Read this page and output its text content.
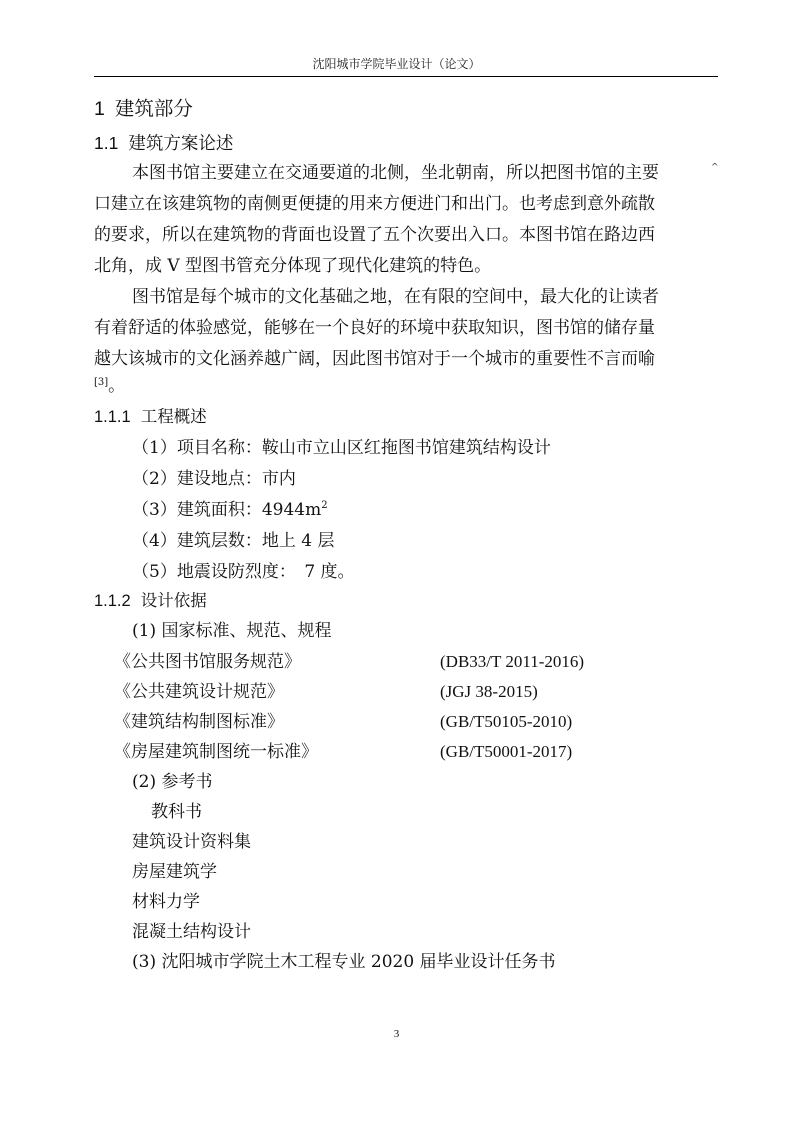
沈阳城市学院毕业设计（论文）
1 建筑部分
1.1 建筑方案论述
本图书馆主要建立在交通要道的北侧，坐北朝南，所以把图书馆的主要	^
口建立在该建筑物的南侧更便捷的用来方便进门和出门。也考虑到意外疏散
的要求，所以在建筑物的背面也设置了五个次要出入口。本图书馆在路边西
北角，成 V 型图书管充分体现了现代化建筑的特色。
图书馆是每个城市的文化基础之地，在有限的空间中，最大化的让读者
有着舒适的体验感觉，能够在一个良好的环境中获取知识，图书馆的储存量
越大该城市的文化涵养越广阔，因此图书馆对于一个城市的重要性不言而喻
[3]。
1.1.1 工程概述
（1）项目名称：鞍山市立山区红拖图书馆建筑结构设计
（2）建设地点：市内
（3）建筑面积：$4944m^2$
（4）建筑层数：地上 4 层
（5）地震设防烈度：　7 度。
1.1.2 设计依据
(1) 国家标准、规范、规程
《公共图书馆服务规范》	(DB33/T 2011-2016)
《公共建筑设计规范》	(JGJ 38-2015)
《建筑结构制图标准》	(GB/T50105-2010)
《房屋建筑制图统一标准》	(GB/T50001-2017)
(2) 参考书
教科书
建筑设计资料集
房屋建筑学
材料力学
混凝土结构设计
(3) 沈阳城市学院土木工程专业 2020 届毕业设计任务书
3
